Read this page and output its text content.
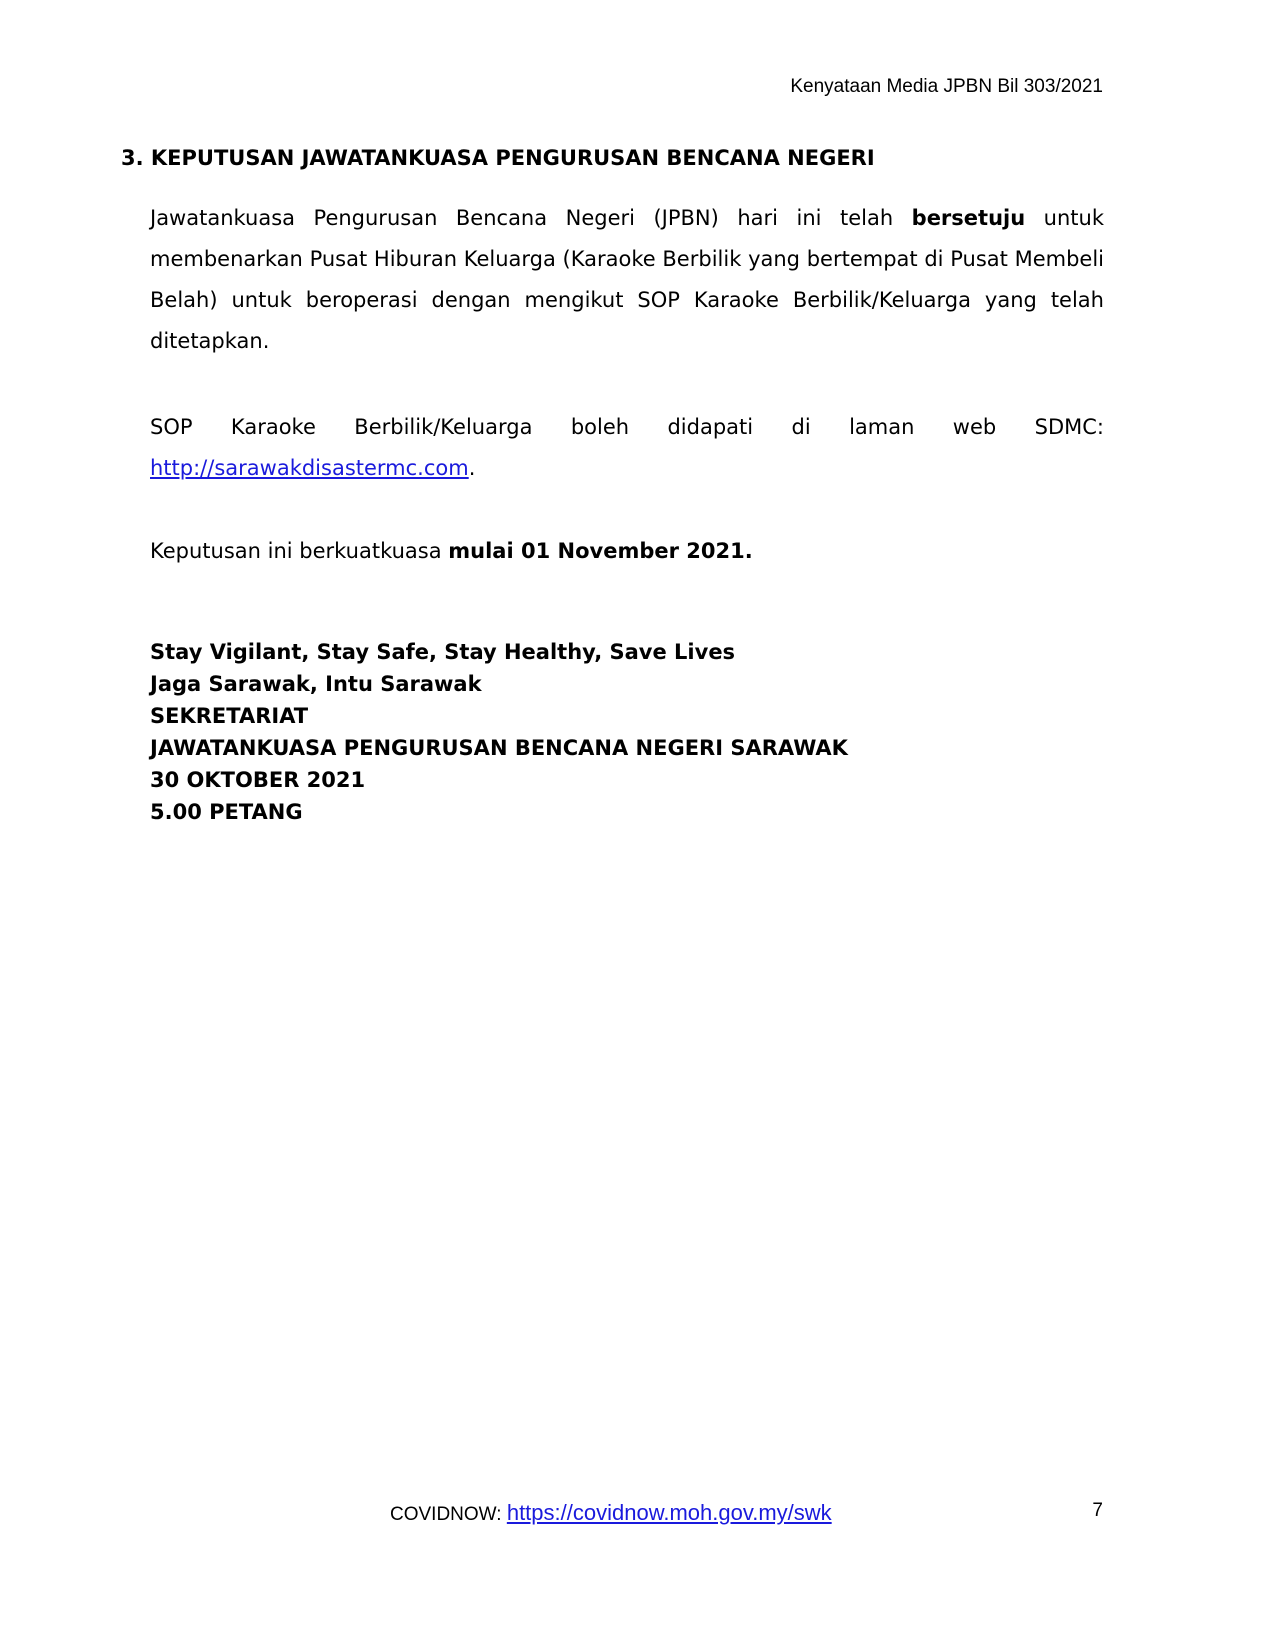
Kenyataan Media JPBN Bil 303/2021
3. KEPUTUSAN JAWATANKUASA PENGURUSAN BENCANA NEGERI
Jawatankuasa Pengurusan Bencana Negeri (JPBN) hari ini telah bersetuju untuk membenarkan Pusat Hiburan Keluarga (Karaoke Berbilik yang bertempat di Pusat Membeli Belah) untuk beroperasi dengan mengikut SOP Karaoke Berbilik/Keluarga yang telah ditetapkan.
SOP Karaoke Berbilik/Keluarga boleh didapati di laman web SDMC:
http://sarawakdisastermc.com.
Keputusan ini berkuatkuasa mulai 01 November 2021.
Stay Vigilant, Stay Safe, Stay Healthy, Save Lives
Jaga Sarawak, Intu Sarawak
SEKRETARIAT
JAWATANKUASA PENGURUSAN BENCANA NEGERI SARAWAK
30 OKTOBER 2021
5.00 PETANG
COVIDNOW: https://covidnow.moh.gov.my/swk	7
